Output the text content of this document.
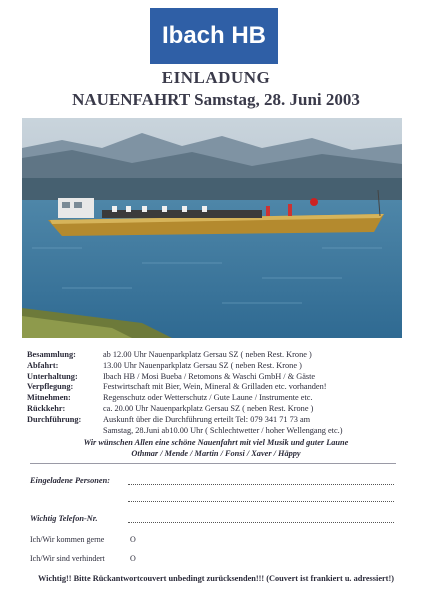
Ibach HB
EINLADUNG
NAUENFAHRT Samstag, 28. Juni 2003
Besammlung:	ab 12.00 Uhr Nauenparkplatz Gersau SZ ( neben Rest. Krone )
Abfahrt:	13.00 Uhr Nauenparkplatz Gersau SZ ( neben Rest. Krone )
Unterhaltung:	Ibach HB / Mosi Bueba / Retomons & Waschi GmbH / & Gäste
Verpflegung:	Festwirtschaft mit Bier, Wein, Mineral & Grilladen etc. vorhanden!
Mitnehmen:	Regenschutz oder Wetterschutz / Gute Laune / Instrumente etc.
Rückkehr:	ca. 20.00 Uhr Nauenparkplatz Gersau SZ ( neben Rest. Krone )
Durchführung:	Auskunft über die Durchführung erteilt Tel: 079 341 71 73 am
Samstag, 28.Juni ab10.00 Uhr ( Schlechtwetter / hoher Wellengang etc.)
Wir wünschen Allen eine schöne Nauenfahrt mit viel Musik und guter Laune
Othmar / Mende / Martin / Fonsi / Xaver / Häppy
Eingeladene Personen:
Wichtig Telefon-Nr.
Ich/Wir kommen gerne	O
Ich/Wir sind verhindert	O
Wichtig!! Bitte Rückantwortcouvert unbedingt zurücksenden!!! (Couvert ist frankiert u. adressiert!)
